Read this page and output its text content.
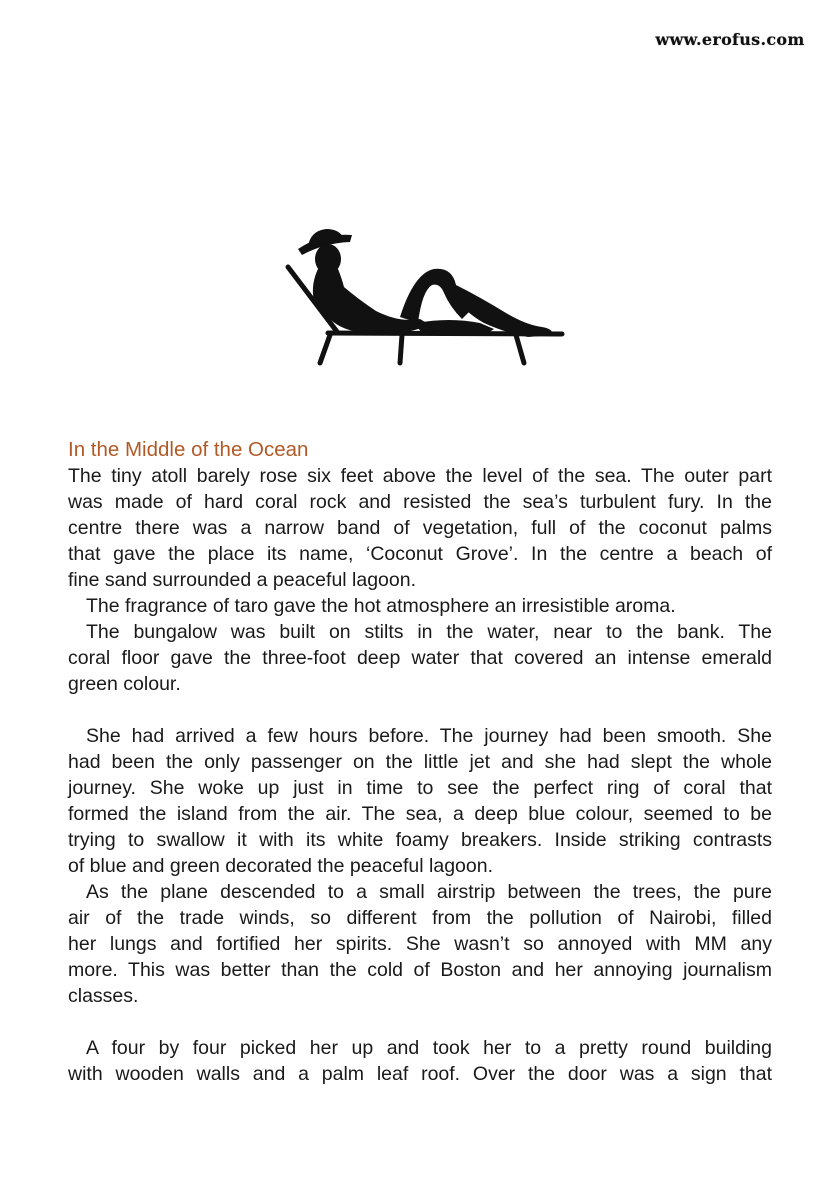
www.erofus.com
In the Middle of the Ocean

The tiny atoll barely rose six feet above the level of the sea. The outer part
was made of hard coral rock and resisted the sea’s turbulent fury. In the
centre there was a narrow band of vegetation, full of the coconut palms
that gave the place its name, ‘Coconut Grove’. In the centre a beach of
fine sand surrounded a peaceful lagoon.

The fragrance of taro gave the hot atmosphere an irresistible aroma.

The bungalow was built on stilts in the water, near to the bank. The
coral floor gave the three-foot deep water that covered an intense emerald
green colour.

She had arrived a few hours before. The journey had been smooth. She
had been the only passenger on the little jet and she had slept the whole
journey. She woke up just in time to see the perfect ring of coral that
formed the island from the air. The sea, a deep blue colour, seemed to be
trying to swallow it with its white foamy breakers. Inside striking contrasts
of blue and green decorated the peaceful lagoon.

As the plane descended to a small airstrip between the trees, the pure
air of the trade winds, so different from the pollution of Nairobi, filled
her lungs and fortified her spirits. She wasn’t so annoyed with MM any
more. This was better than the cold of Boston and her annoying journalism
classes.

A four by four picked her up and took her to a pretty round building
with wooden walls and a palm leaf roof. Over the door was a sign that
